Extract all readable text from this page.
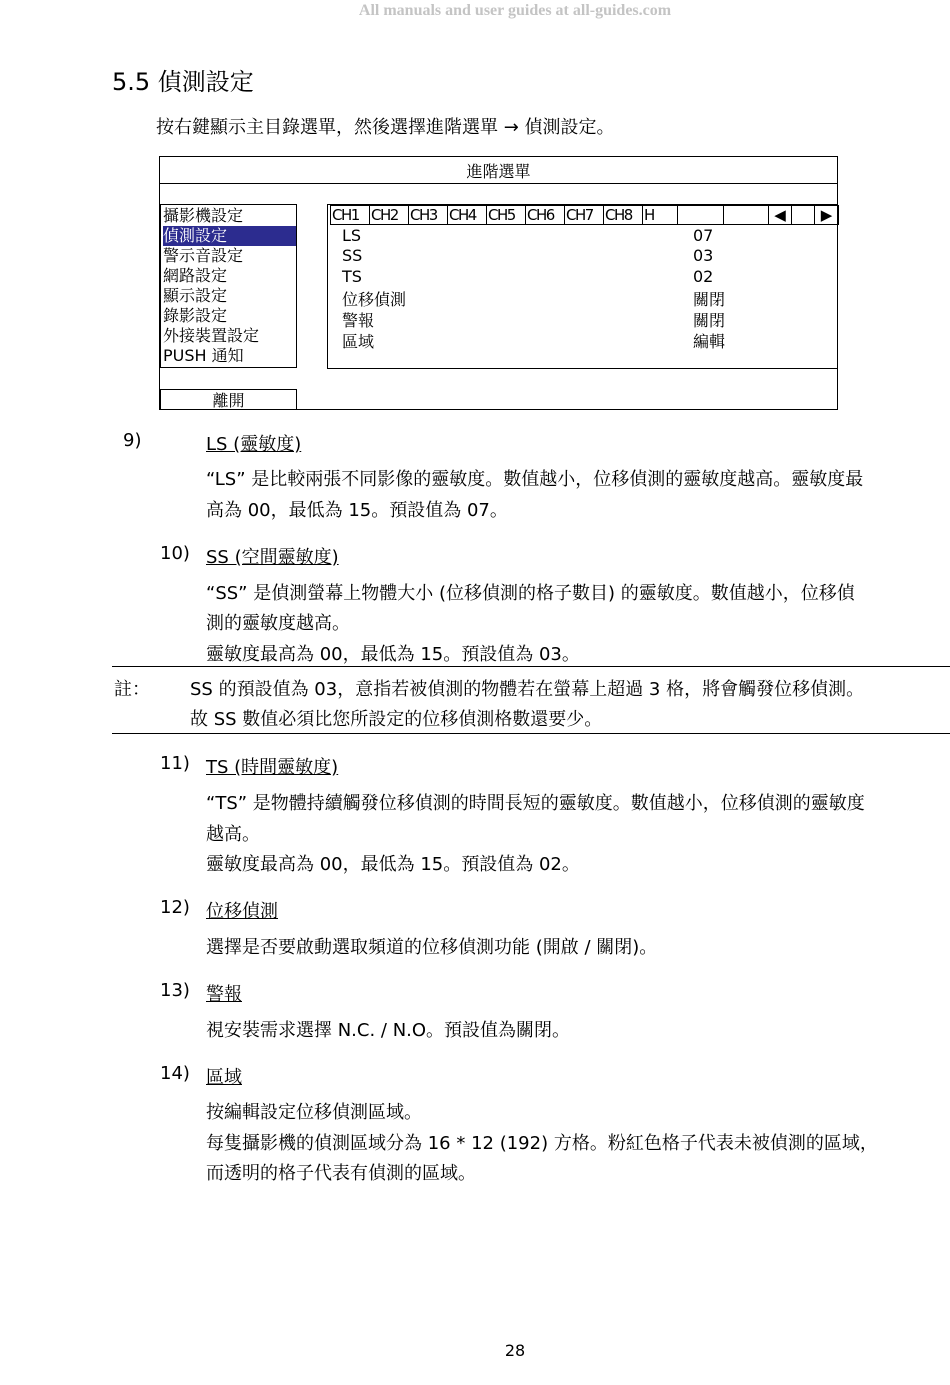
All manuals and user guides at all-guides.com
5.5 偵測設定
按右鍵顯示主目錄選單，然後選擇進階選單 → 偵測設定。
進階選單
攝影機設定
偵測設定
警示音設定
網路設定
顯示設定
錄影設定
外接裝置設定
PUSH 通知
離開
CH1 CH2 CH3 CH4 CH5 CH6 CH7 CH8 H	◀	▶
LS	07
SS	03
TS	02
位移偵測	關閉
警報	關閉
區域	編輯
9)	LS (靈敏度)
“LS” 是比較兩張不同影像的靈敏度。數值越小，位移偵測的靈敏度越高。靈敏度最
高為 00，最低為 15。預設值為 07。
10) SS (空間靈敏度)
“SS” 是偵測螢幕上物體大小 (位移偵測的格子數目) 的靈敏度。數值越小，位移偵
測的靈敏度越高。
靈敏度最高為 00，最低為 15。預設值為 03。
註： SS 的預設值為 03，意指若被偵測的物體若在螢幕上超過 3 格，將會觸發位移偵測。
故 SS 數值必須比您所設定的位移偵測格數還要少。
11) TS (時間靈敏度)
“TS” 是物體持續觸發位移偵測的時間長短的靈敏度。數值越小，位移偵測的靈敏度
越高。
靈敏度最高為 00，最低為 15。預設值為 02。
12) 位移偵測
選擇是否要啟動選取頻道的位移偵測功能 (開啟 / 關閉)。
13) 警報
視安裝需求選擇 N.C. / N.O。預設值為關閉。
14) 區域
按編輯設定位移偵測區域。
每隻攝影機的偵測區域分為 16 * 12 (192) 方格。粉紅色格子代表未被偵測的區域，
而透明的格子代表有偵測的區域。
28
